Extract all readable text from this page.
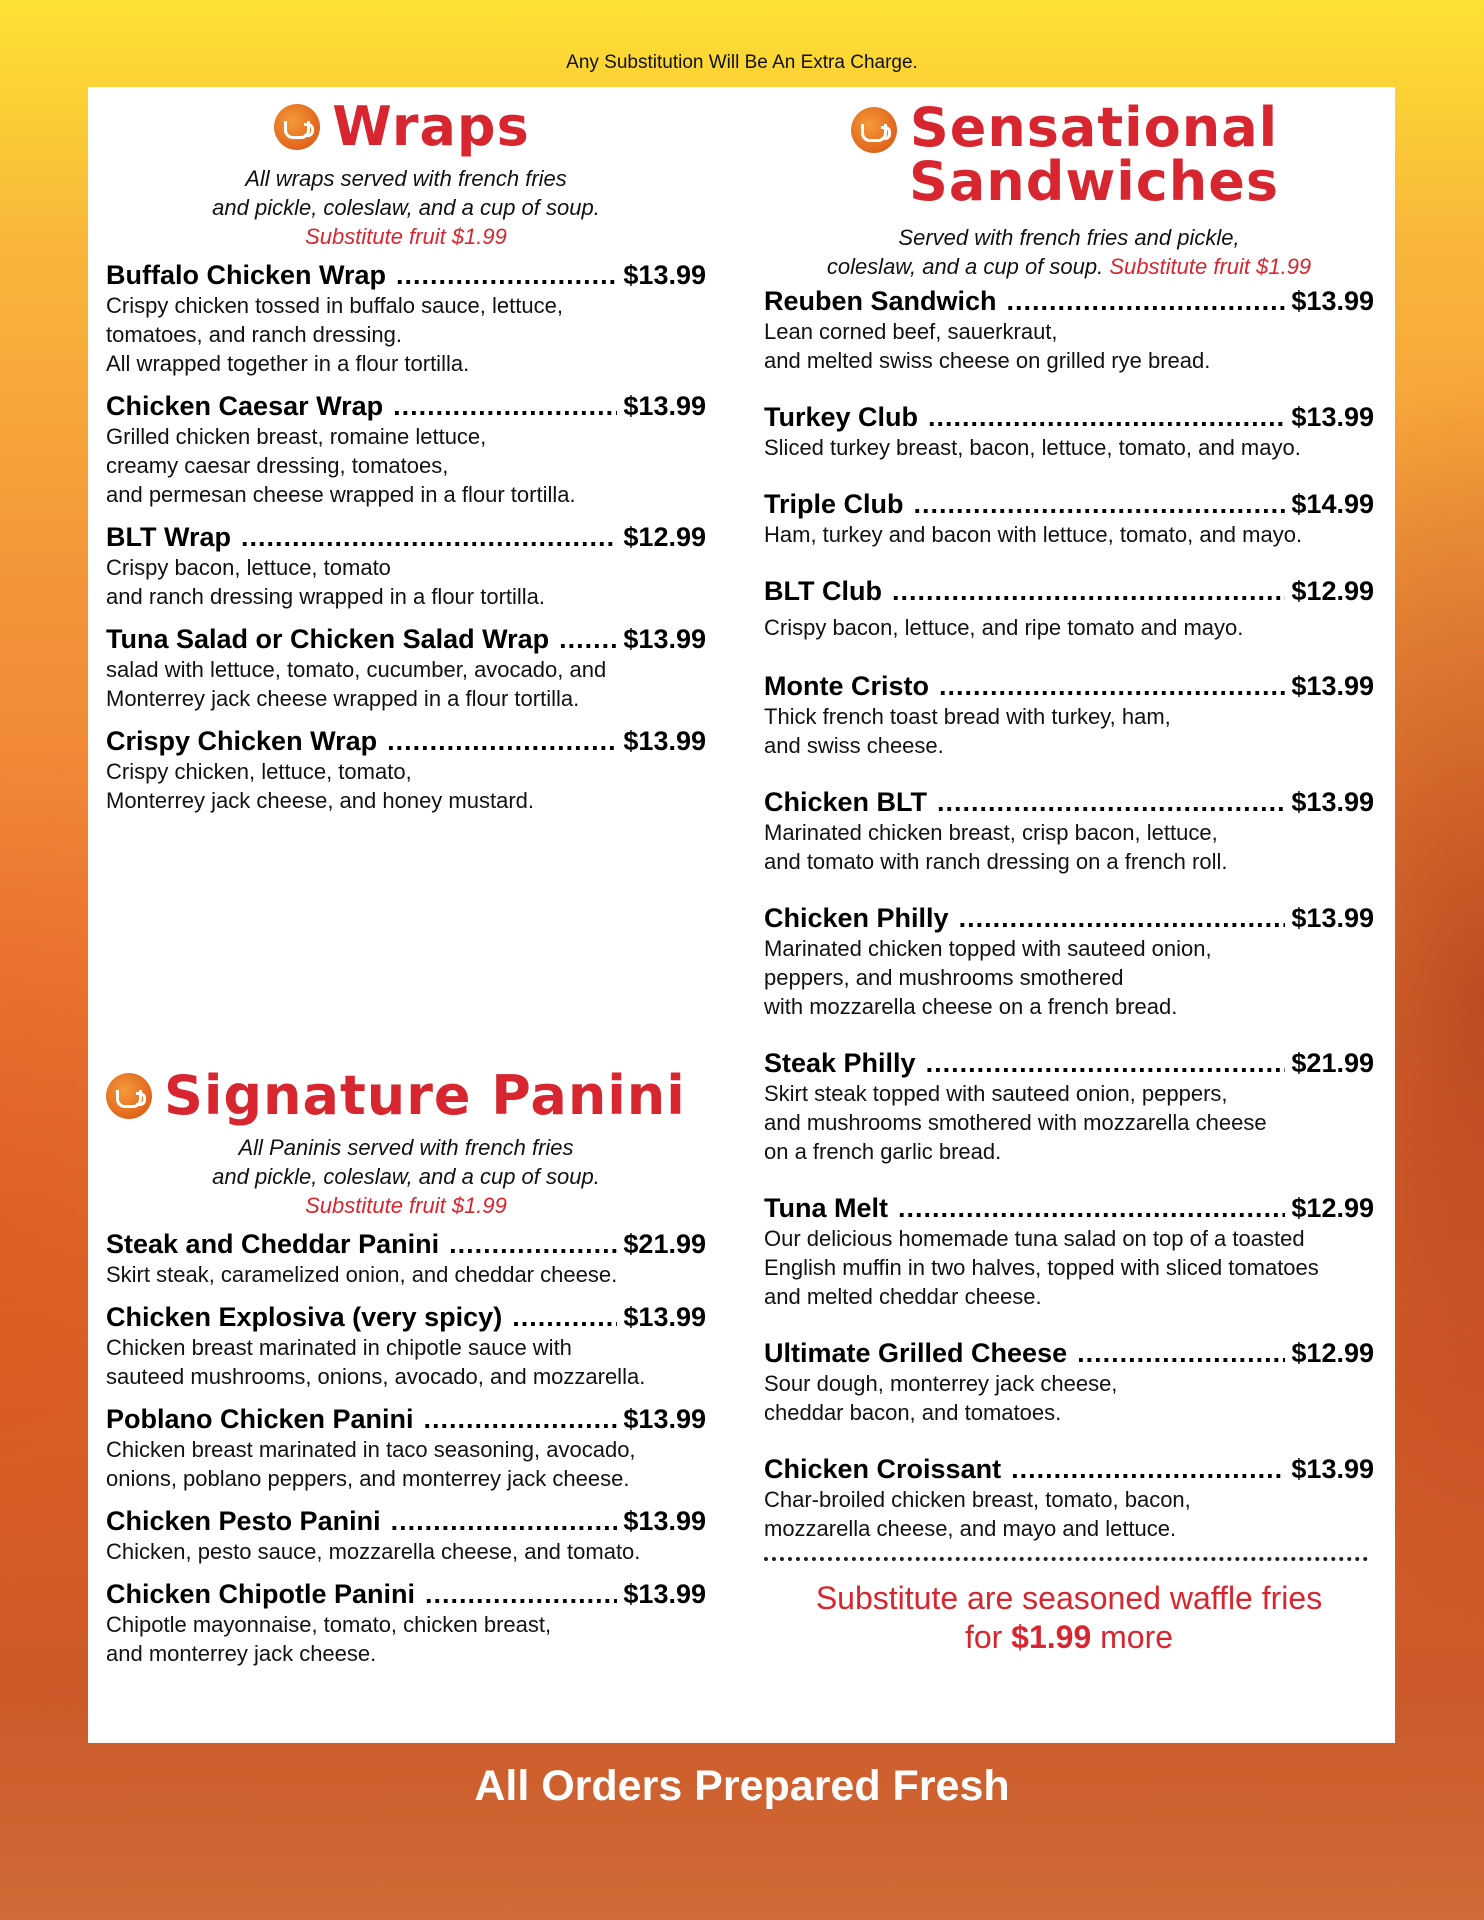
Any Substitution Will Be An Extra Charge.
Wraps
All wraps served with french fries
and pickle, coleslaw, and a cup of soup.
Substitute fruit $1.99
Buffalo Chicken Wrap .....	$13.99
Crispy chicken tossed in buffalo sauce, lettuce,
tomatoes, and ranch dressing.
All wrapped together in a flour tortilla.
Chicken Caesar Wrap .....	$13.99
Grilled chicken breast, romaine lettuce,
creamy caesar dressing, tomatoes,
and permesan cheese wrapped in a flour tortilla.
BLT Wrap .....	$12.99
Crispy bacon, lettuce, tomato
and ranch dressing wrapped in a flour tortilla.
Tuna Salad or Chicken Salad Wrap .....	$13.99
salad with lettuce, tomato, cucumber, avocado, and
Monterrey jack cheese wrapped in a flour tortilla.
Crispy Chicken Wrap .....	$13.99
Crispy chicken, lettuce, tomato,
Monterrey jack cheese, and honey mustard.
Signature Panini
All Paninis served with french fries
and pickle, coleslaw, and a cup of soup.
Substitute fruit $1.99
Steak and Cheddar Panini .....	$21.99
Skirt steak, caramelized onion, and cheddar cheese.
Chicken Explosiva (very spicy) .....	$13.99
Chicken breast marinated in chipotle sauce with
sauteed mushrooms, onions, avocado, and mozzarella.
Poblano Chicken Panini .....	$13.99
Chicken breast marinated in taco seasoning, avocado,
onions, poblano peppers, and monterrey jack cheese.
Chicken Pesto Panini .....	$13.99
Chicken, pesto sauce, mozzarella cheese, and tomato.
Chicken Chipotle Panini .....	$13.99
Chipotle mayonnaise, tomato, chicken breast,
and monterrey jack cheese.
Sensational
Sandwiches
Served with french fries and pickle,
coleslaw, and a cup of soup. Substitute fruit $1.99
Reuben Sandwich .....	$13.99
Lean corned beef, sauerkraut,
and melted swiss cheese on grilled rye bread.
Turkey Club .....	$13.99
Sliced turkey breast, bacon, lettuce, tomato, and mayo.
Triple Club .....	$14.99
Ham, turkey and bacon with lettuce, tomato, and mayo.
BLT Club .....	$12.99
Crispy bacon, lettuce, and ripe tomato and mayo.
Monte Cristo .....	$13.99
Thick french toast bread with turkey, ham,
and swiss cheese.
Chicken BLT .....	$13.99
Marinated chicken breast, crisp bacon, lettuce,
and tomato with ranch dressing on a french roll.
Chicken Philly .....	$13.99
Marinated chicken topped with sauteed onion,
peppers, and mushrooms smothered
with mozzarella cheese on a french bread.
Steak Philly .....	$21.99
Skirt steak topped with sauteed onion, peppers,
and mushrooms smothered with mozzarella cheese
on a french garlic bread.
Tuna Melt .....	$12.99
Our delicious homemade tuna salad on top of a toasted
English muffin in two halves, topped with sliced tomatoes
and melted cheddar cheese.
Ultimate Grilled Cheese .....	$12.99
Sour dough, monterrey jack cheese,
cheddar bacon, and tomatoes.
Chicken Croissant .....	$13.99
Char-broiled chicken breast, tomato, bacon,
mozzarella cheese, and mayo and lettuce.
Substitute are seasoned waffle fries
for $1.99 more
All Orders Prepared Fresh
